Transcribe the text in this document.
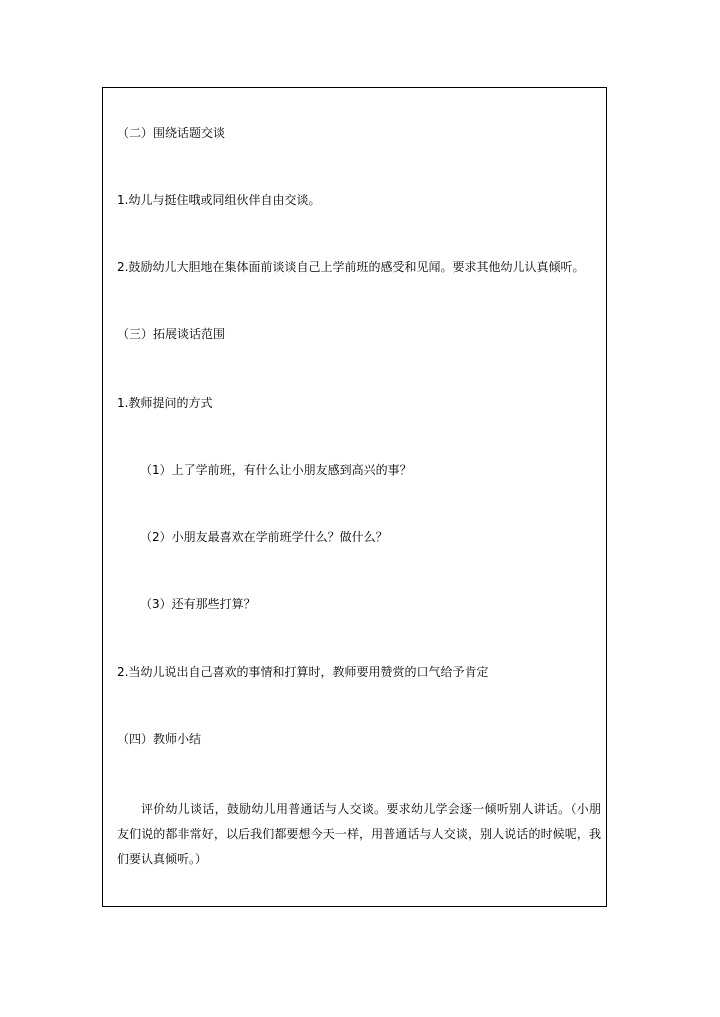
（二）围绕话题交谈
1.幼儿与挺住哦或同组伙伴自由交谈。
2.鼓励幼儿大胆地在集体面前谈谈自己上学前班的感受和见闻。要求其他幼儿认真倾听。
（三）拓展谈话范围
1.教师提问的方式
（1）上了学前班，有什么让小朋友感到高兴的事？
（2）小朋友最喜欢在学前班学什么？做什么？
（3）还有那些打算？
2.当幼儿说出自己喜欢的事情和打算时，教师要用赞赏的口气给予肯定
（四）教师小结
评价幼儿谈话，鼓励幼儿用普通话与人交谈。要求幼儿学会逐一倾听别人讲话。（小朋友们说的都非常好，以后我们都要想今天一样，用普通话与人交谈，别人说话的时候呢，我们要认真倾听。）
